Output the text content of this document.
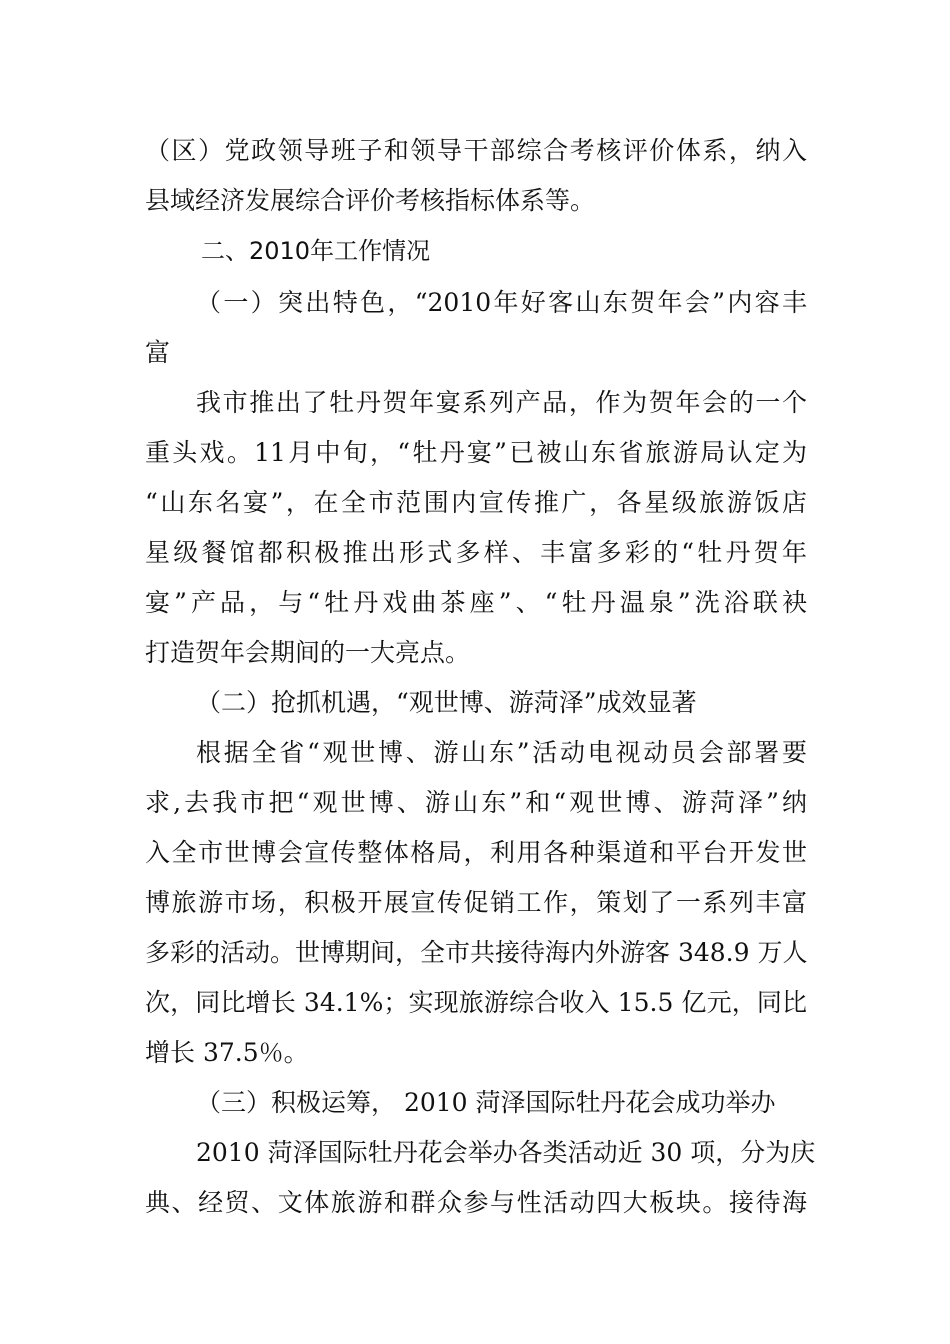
（区）党政领导班子和领导干部综合考核评价体系，纳入
县域经济发展综合评价考核指标体系等。
二、2010年工作情况
（一）突出特色，“2010年好客山东贺年会”内容丰
富
我市推出了牡丹贺年宴系列产品，作为贺年会的一个
重头戏。11月中旬，“牡丹宴”已被山东省旅游局认定为
“山东名宴”，在全市范围内宣传推广，各星级旅游饭店
星级餐馆都积极推出形式多样、丰富多彩的“牡丹贺年
宴”产品，与“牡丹戏曲茶座”、“牡丹温泉”洗浴联袂
打造贺年会期间的一大亮点。
（二）抢抓机遇，“观世博、游菏泽”成效显著
根据全省“观世博、游山东”活动电视动员会部署要
求,去我市把“观世博、游山东”和“观世博、游菏泽”纳
入全市世博会宣传整体格局，利用各种渠道和平台开发世
博旅游市场，积极开展宣传促销工作，策划了一系列丰富
多彩的活动。世博期间，全市共接待海内外游客 348.9 万人
次，同比增长 34.1%；实现旅游综合收入 15.5 亿元，同比
增长 37.5％。
（三）积极运筹， 2010 菏泽国际牡丹花会成功举办
2010 菏泽国际牡丹花会举办各类活动近 30 项，分为庆
典、经贸、文体旅游和群众参与性活动四大板块。接待海
